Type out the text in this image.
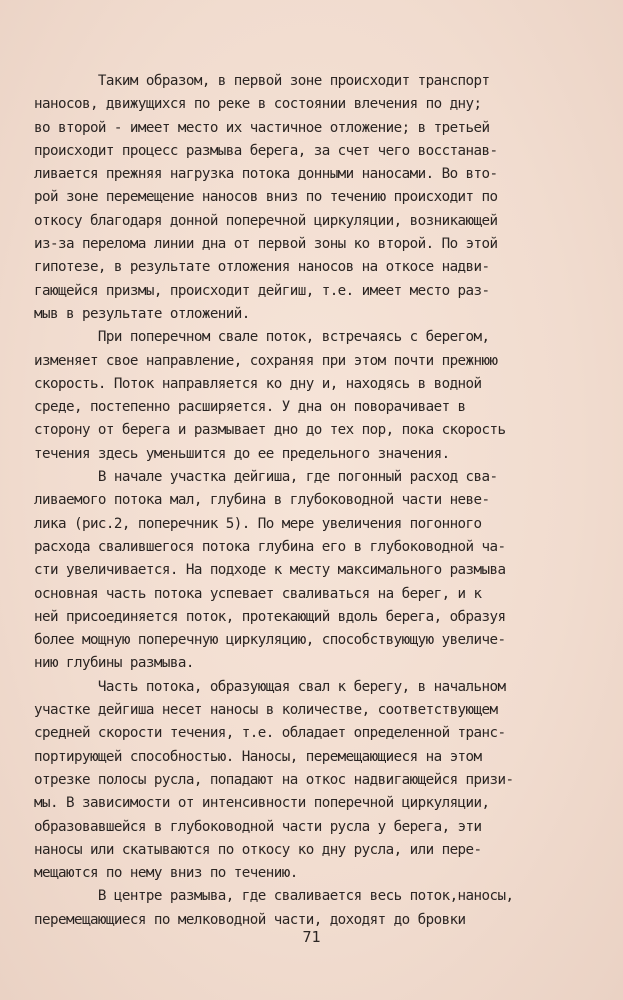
Таким образом, в первой зоне происходит транспорт
наносов, движущихся по реке в состоянии влечения по дну;
во второй - имеет место их частичное отложение; в третьей
происходит процесс размыва берега, за счет чего восстанав-
ливается прежняя нагрузка потока донными наносами. Во вто-
рой зоне перемещение наносов вниз по течению происходит по
откосу благодаря донной поперечной циркуляции, возникающей
из-за перелома линии дна от первой зоны ко второй. По этой
гипотезе, в результате отложения наносов на откосе надви-
гающейся призмы, происходит дейгиш, т.е. имеет место раз-
мыв в результате отложений.
При поперечном свале поток, встречаясь с берегом,
изменяет свое направление, сохраняя при этом почти прежнюю
скорость. Поток направляется ко дну и, находясь в водной
среде, постепенно расширяется. У дна он поворачивает в
сторону от берега и размывает дно до тех пор, пока скорость
течения здесь уменьшится до ее предельного значения.
В начале участка дейгиша, где погонный расход сва-
ливаемого потока мал, глубина в глубоководной части неве-
лика (рис.2, поперечник 5). По мере увеличения погонного
расхода свалившегося потока глубина его в глубоководной ча-
сти увеличивается. На подходе к месту максимального размыва
основная часть потока успевает сваливаться на берег, и к
ней присоединяется поток, протекающий вдоль берега, образуя
более мощную поперечную циркуляцию, способствующую увеличе-
нию глубины размыва.
Часть потока, образующая свал к берегу, в начальном
участке дейгиша несет наносы в количестве, соответствующем
средней скорости течения, т.е. обладает определенной транс-
портирующей способностью. Наносы, перемещающиеся на этом
отрезке полосы русла, попадают на откос надвигающейся призи-
мы. В зависимости от интенсивности поперечной циркуляции,
образовавшейся в глубоководной части русла у берега, эти
наносы или скатываются по откосу ко дну русла, или пере-
мещаются по нему вниз по течению.
В центре размыва, где сваливается весь поток,наносы,
перемещающиеся по мелководной части, доходят до бровки
71
